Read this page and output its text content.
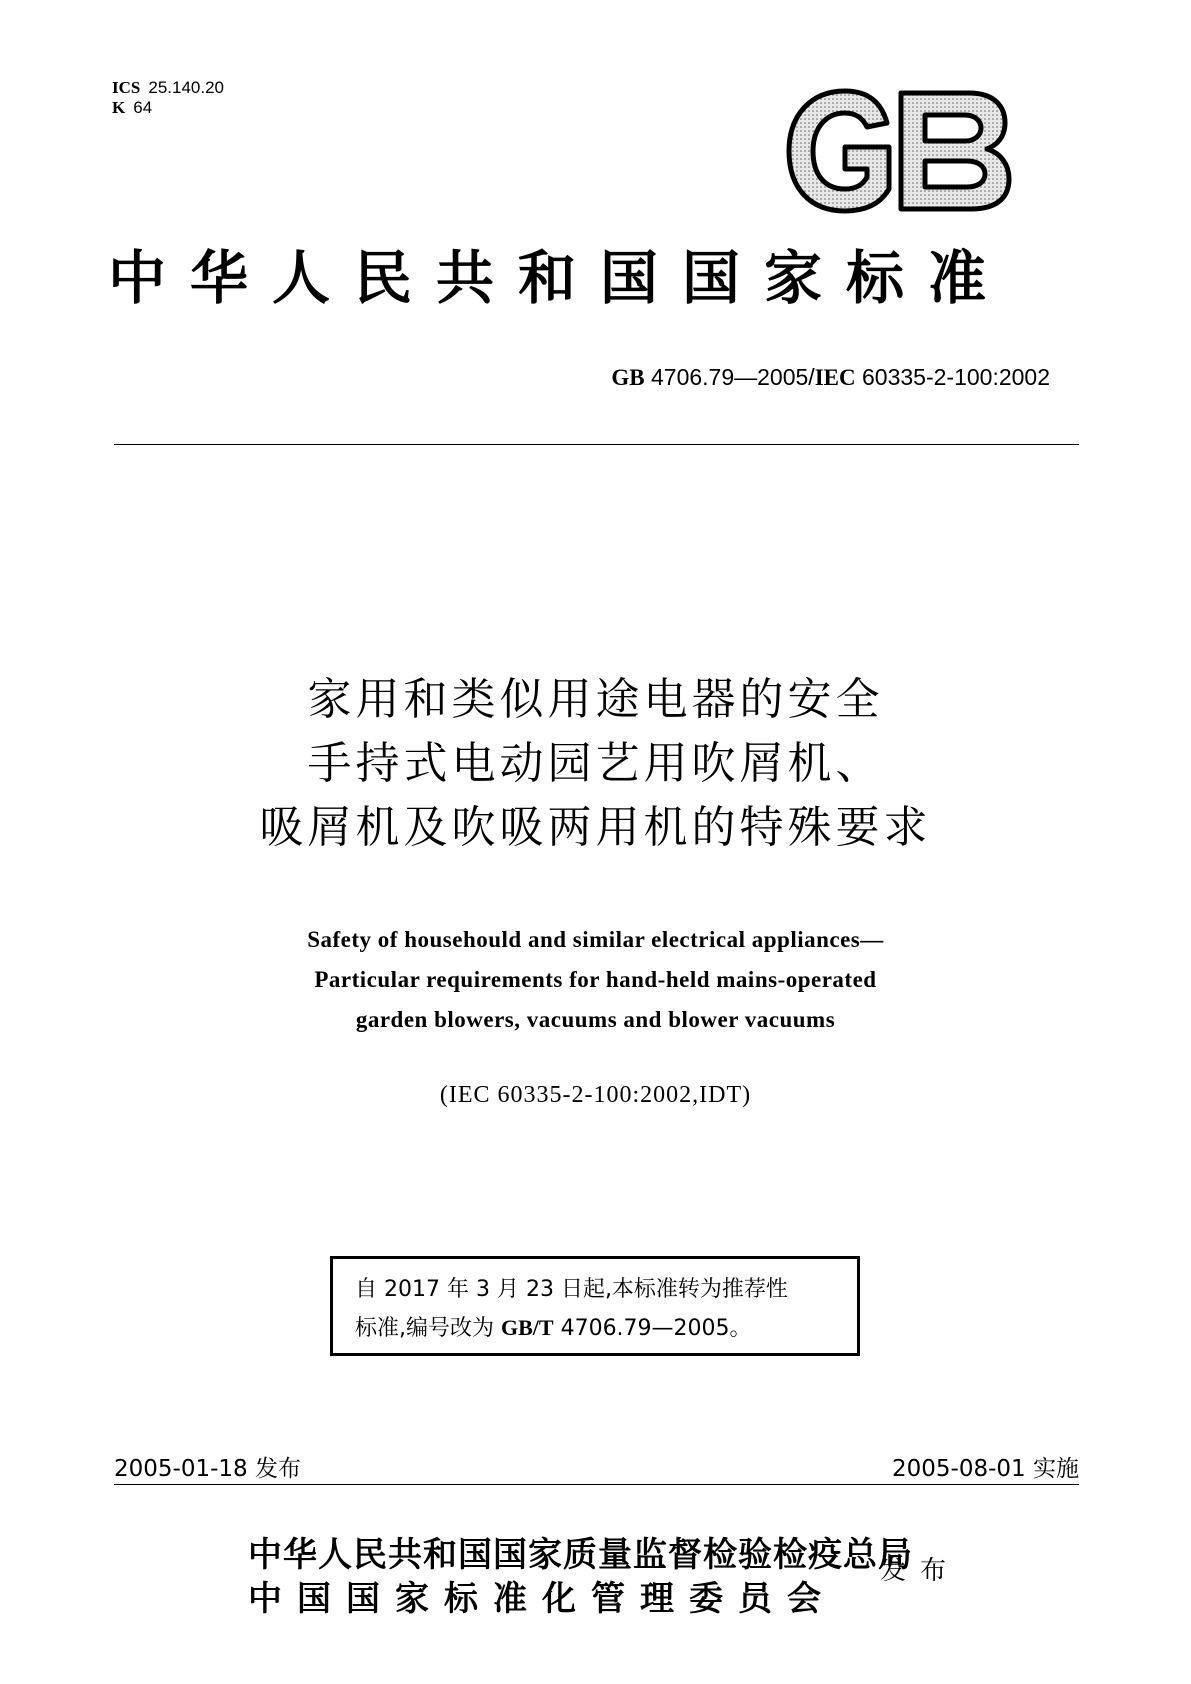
ICS 25.140.20
K 64
中华人民共和国国家标准
GB 4706.79—2005/IEC 60335-2-100:2002
家用和类似用途电器的安全
手持式电动园艺用吹屑机、
吸屑机及吹吸两用机的特殊要求
Safety of househould and similar electrical appliances—
Particular requirements for hand-held mains-operated
garden blowers, vacuums and blower vacuums
(IEC 60335-2-100:2002,IDT)
自 2017 年 3 月 23 日起,本标准转为推荐性
标准,编号改为 GB/T 4706.79—2005。
2005-01-18 发布	2005-08-01 实施
中华人民共和国国家质量监督检验检疫总局
中国国家标准化管理委员会
发布
